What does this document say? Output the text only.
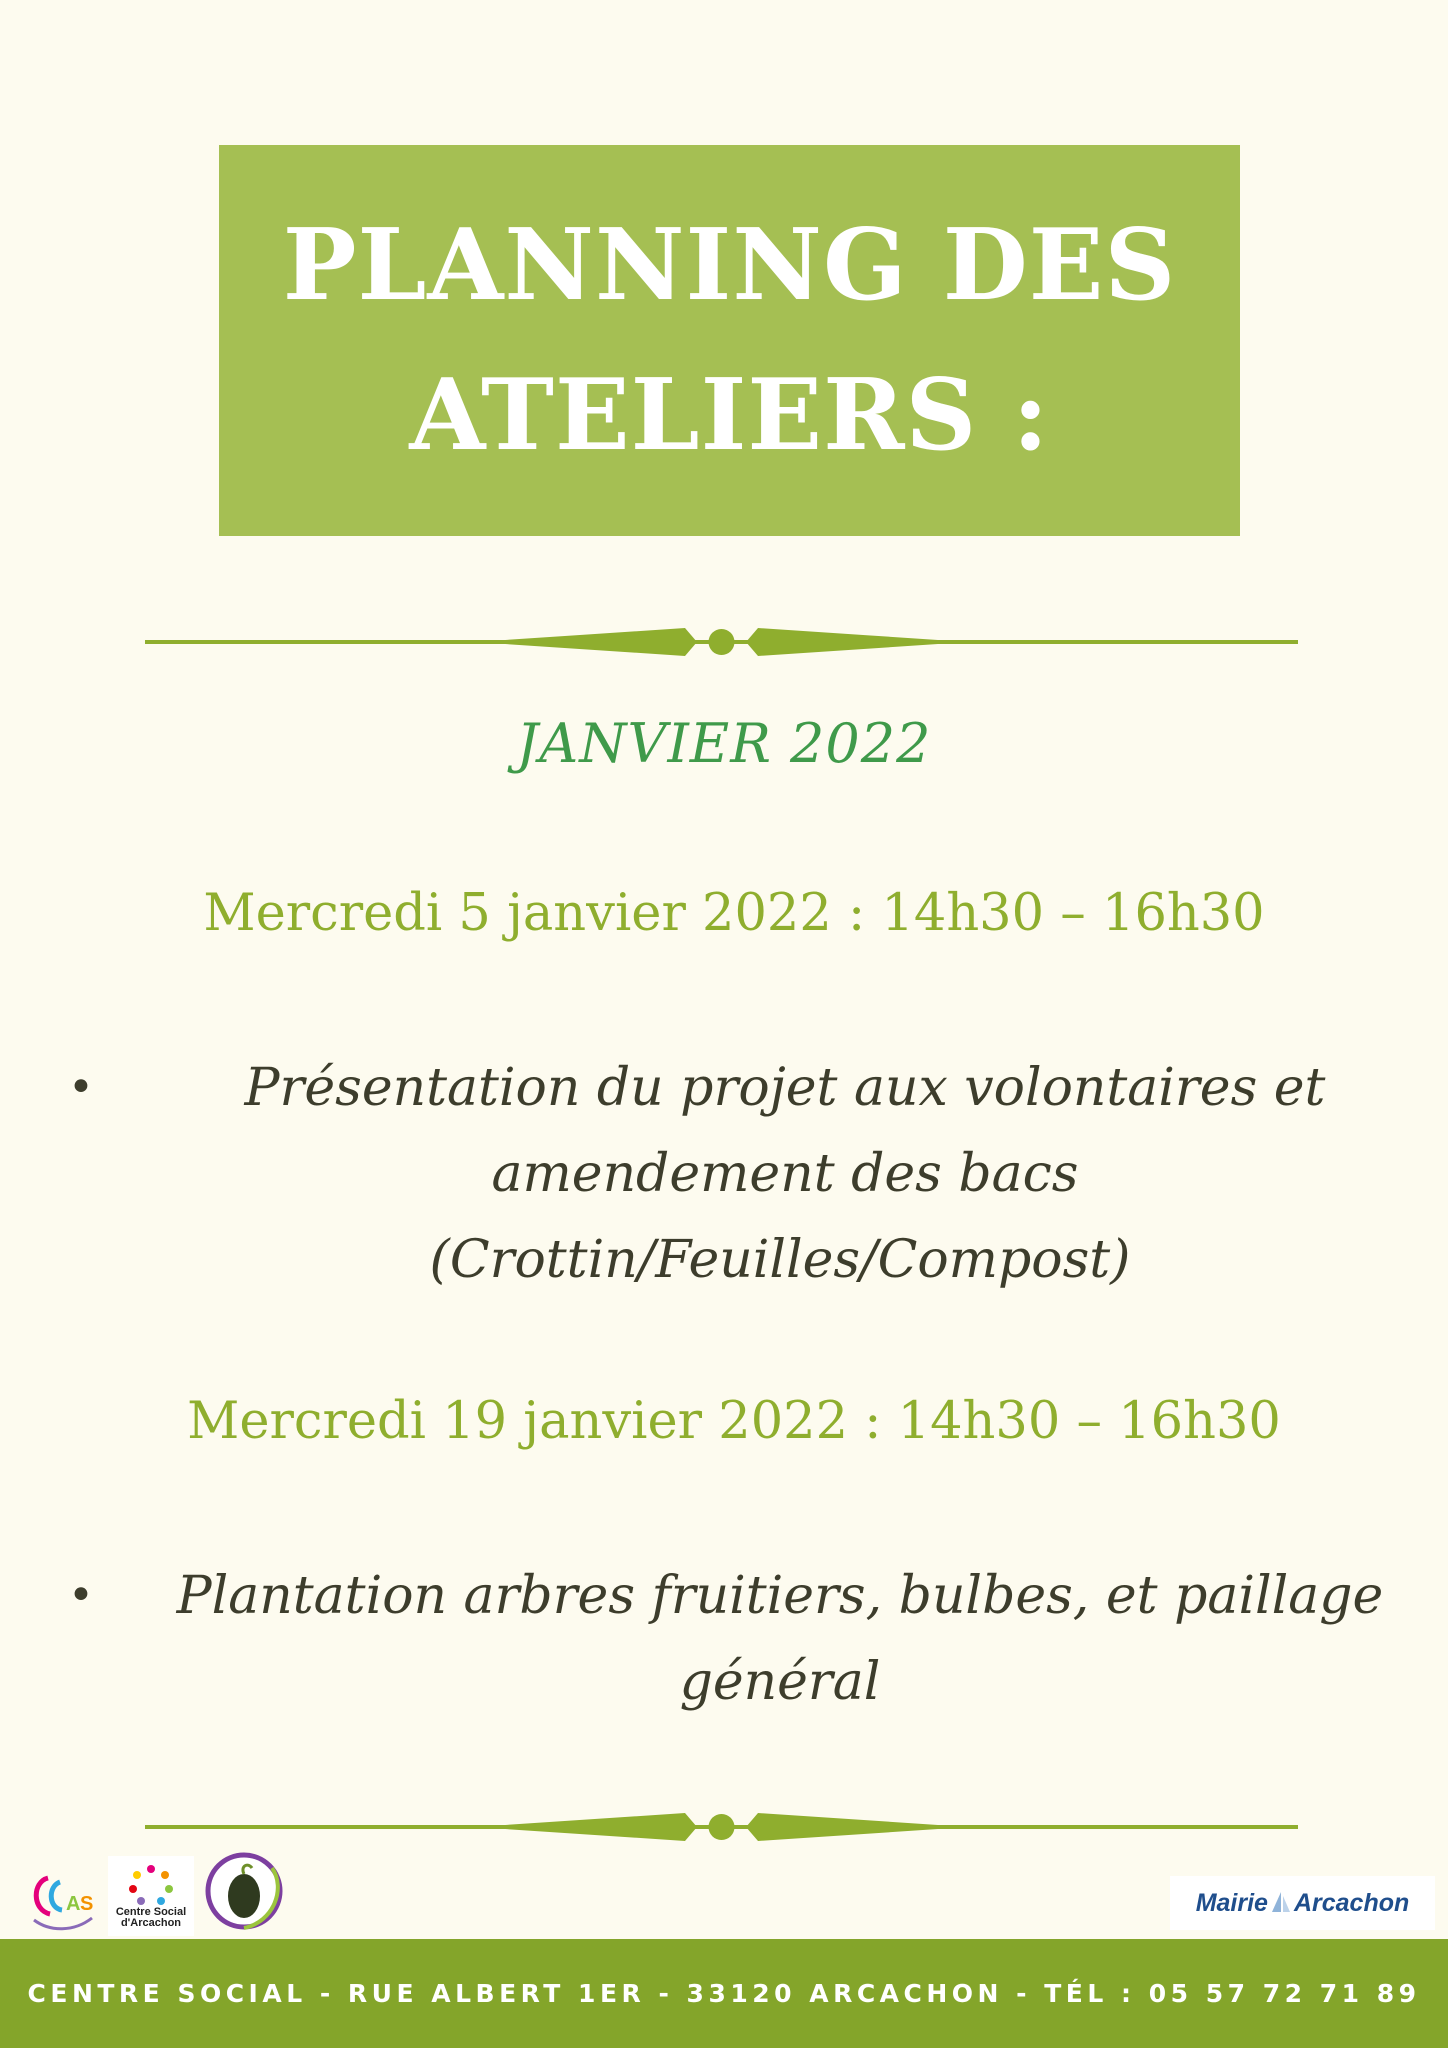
PLANNING DES
ATELIERS :
JANVIER 2022
Mercredi 5 janvier 2022 : 14h30 – 16h30
•	Présentation du projet aux volontaires et
amendement des bacs
(Crottin/Feuilles/Compost)
Mercredi 19 janvier 2022 : 14h30 – 16h30
•	Plantation arbres fruitiers, bulbes, et paillage
général
A S Centre Social
d'Arcachon
Mairie Arcachon
CENTRE SOCIAL - RUE ALBERT 1ER - 33120 ARCACHON - TÉL : 05 57 72 71 89
